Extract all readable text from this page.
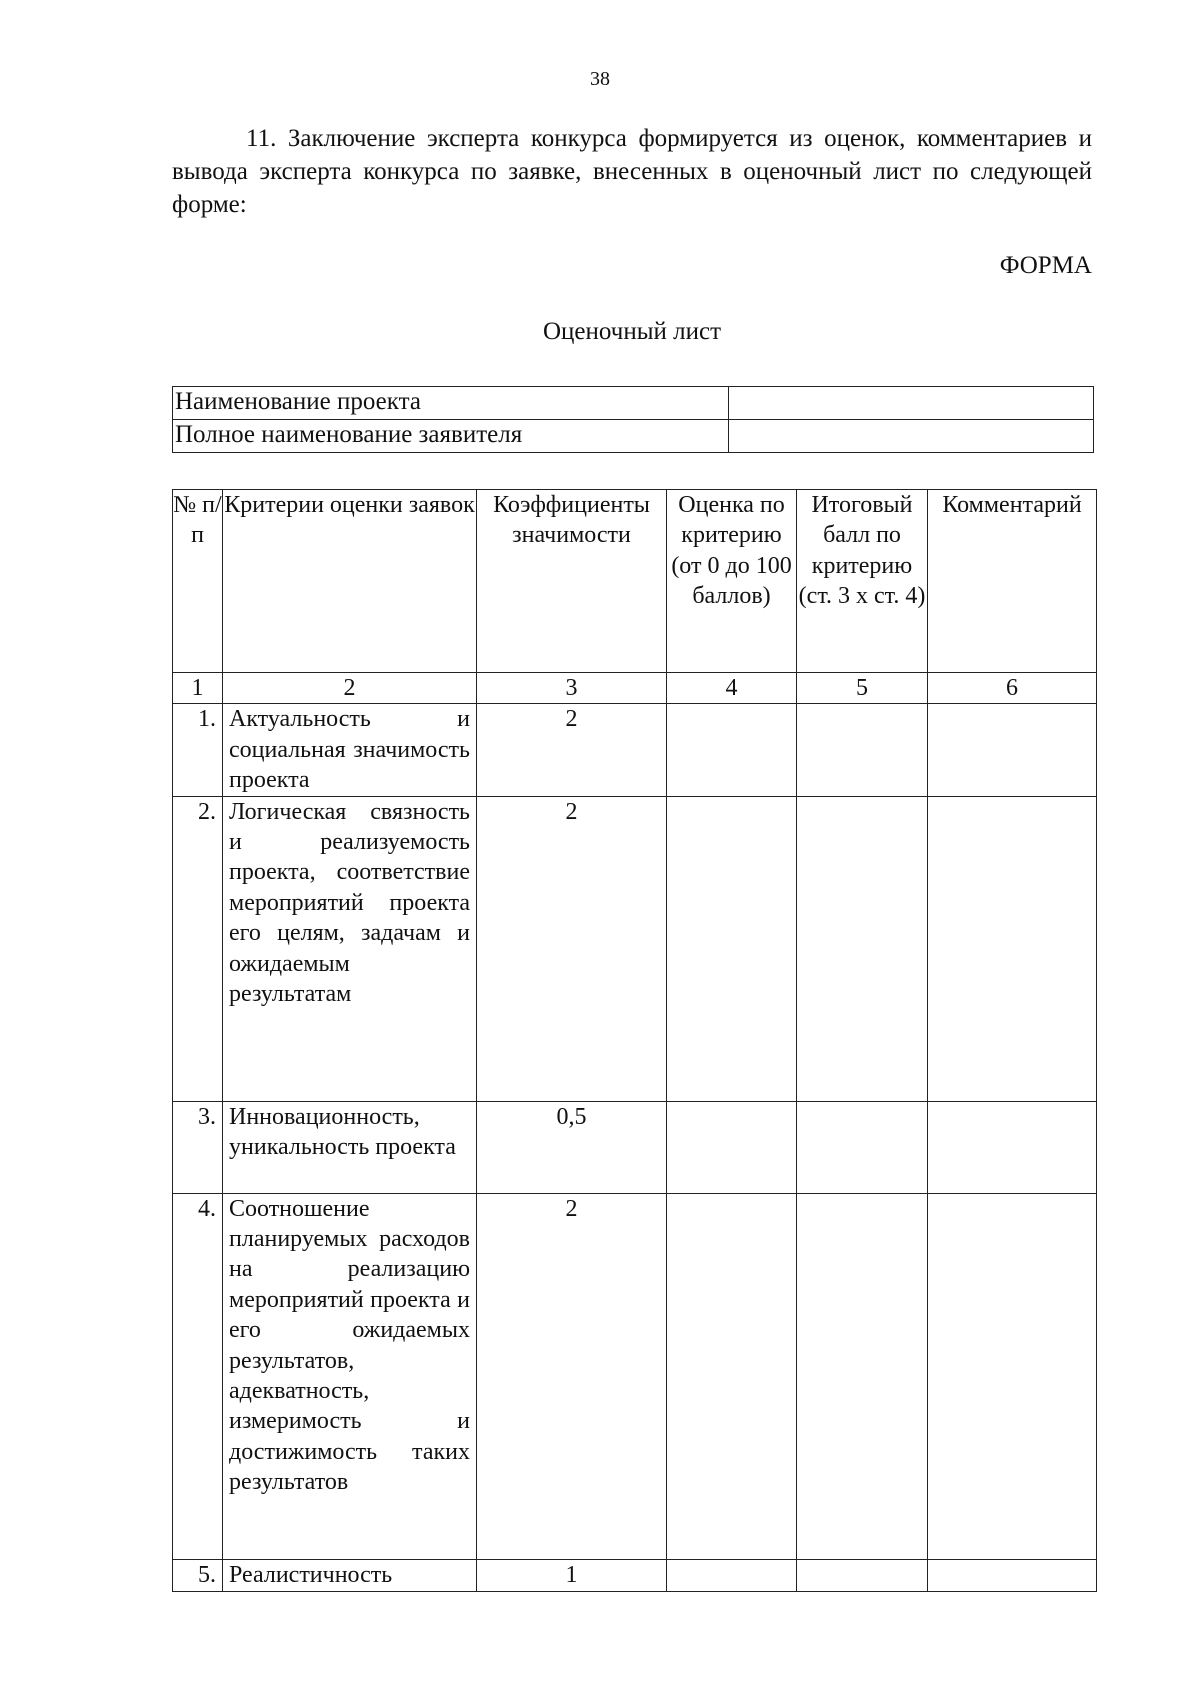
38

11. Заключение эксперта конкурса формируется из оценок, комментариев и вывода эксперта конкурса по заявке, внесенных в оценочный лист по следующей форме:

ФОРМА
Оценочный лист
Наименование проекта	
Полное наименование заявителя	
№ п/п	Критерии оценки заявок	Коэффициенты значимости	Оценка по критерию (от 0 до 100 баллов)	Итоговый балл по критерию (ст. 3 х ст. 4)	Комментарий
1	2	3	4	5	6
1.	Актуальность и социальная значимость проекта	2			
2.	Логическая связность и реализуемость проекта, соответствие мероприятий проекта его целям, задачам и ожидаемым результатам	2			
3.	Инновационность, уникальность проекта	0,5			
4.	Соотношение планируемых расходов на реализацию мероприятий проекта и его ожидаемых результатов, адекватность, измеримость и достижимость таких результатов	2			
5.	Реалистичность	1			
